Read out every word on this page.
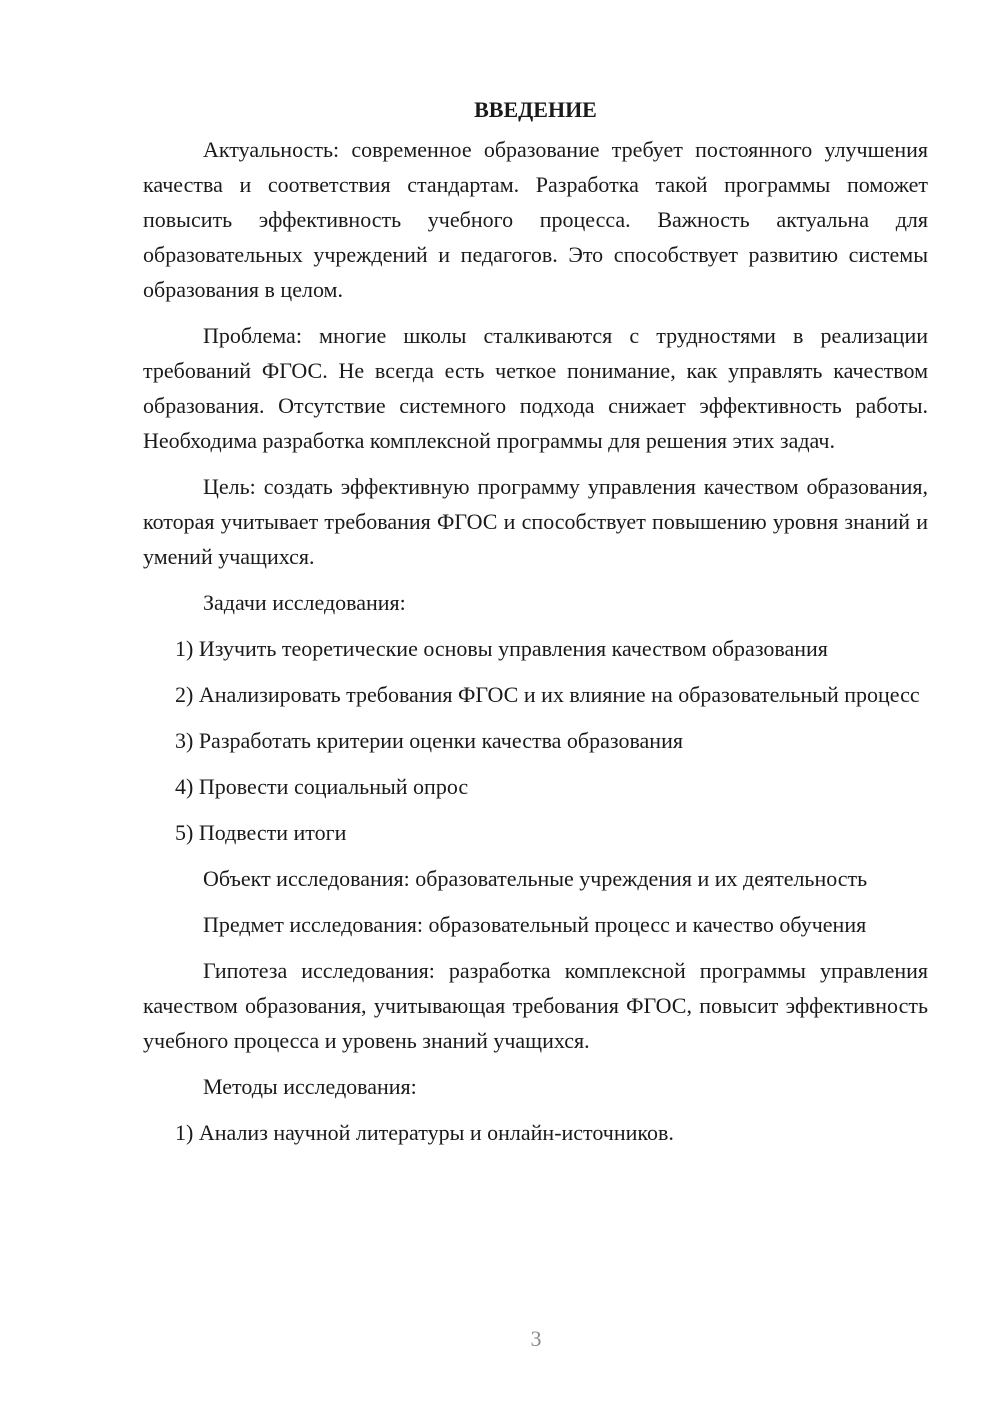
ВВЕДЕНИЕ

Актуальность: современное образование требует постоянного улучшения качества и соответствия стандартам. Разработка такой программы поможет повысить эффективность учебного процесса. Важность актуальна для образовательных учреждений и педагогов. Это способствует развитию системы образования в целом.

Проблема: многие школы сталкиваются с трудностями в реализации требований ФГОС. Не всегда есть четкое понимание, как управлять качеством образования. Отсутствие системного подхода снижает эффективность работы. Необходима разработка комплексной программы для решения этих задач.

Цель: создать эффективную программу управления качеством образования, которая учитывает требования ФГОС и способствует повышению уровня знаний и умений учащихся.

Задачи исследования:

1) Изучить теоретические основы управления качеством образования

2) Анализировать требования ФГОС и их влияние на образовательный процесс

3) Разработать критерии оценки качества образования

4) Провести социальный опрос

5) Подвести итоги

Объект исследования: образовательные учреждения и их деятельность

Предмет исследования: образовательный процесс и качество обучения

Гипотеза исследования: разработка комплексной программы управления качеством образования, учитывающая требования ФГОС, повысит эффективность учебного процесса и уровень знаний учащихся.

Методы исследования:

1) Анализ научной литературы и онлайн-источников.

3
